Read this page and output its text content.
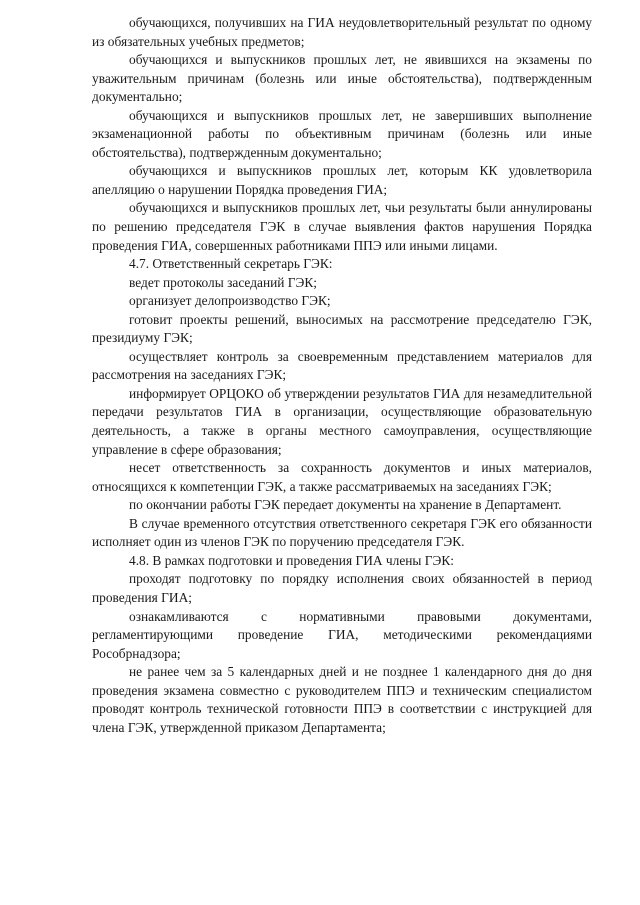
обучающихся, получивших на ГИА неудовлетворительный результат по одному из обязательных учебных предметов;

обучающихся и выпускников прошлых лет, не явившихся на экзамены по уважительным причинам (болезнь или иные обстоятельства), подтвержденным документально;

обучающихся и выпускников прошлых лет, не завершивших выполнение экзаменационной работы по объективным причинам (болезнь или иные обстоятельства), подтвержденным документально;

обучающихся и выпускников прошлых лет, которым КК удовлетворила апелляцию о нарушении Порядка проведения ГИА;

обучающихся и выпускников прошлых лет, чьи результаты были аннулированы по решению председателя ГЭК в случае выявления фактов нарушения Порядка проведения ГИА, совершенных работниками ППЭ или иными лицами.

4.7. Ответственный секретарь ГЭК:

ведет протоколы заседаний ГЭК;

организует делопроизводство ГЭК;

готовит проекты решений, выносимых на рассмотрение председателю ГЭК, президиуму ГЭК;

осуществляет контроль за своевременным представлением материалов для рассмотрения на заседаниях ГЭК;

информирует ОРЦОКО об утверждении результатов ГИА для незамедлительной передачи результатов ГИА в организации, осуществляющие образовательную деятельность, а также в органы местного самоуправления, осуществляющие управление в сфере образования;

несет ответственность за сохранность документов и иных материалов, относящихся к компетенции ГЭК, а также рассматриваемых на заседаниях ГЭК;

по окончании работы ГЭК передает документы на хранение в Департамент.

В случае временного отсутствия ответственного секретаря ГЭК его обязанности исполняет один из членов ГЭК по поручению председателя ГЭК.

4.8. В рамках подготовки и проведения ГИА члены ГЭК:

проходят подготовку по порядку исполнения своих обязанностей в период проведения ГИА;

ознакамливаются с нормативными правовыми документами, регламентирующими проведение ГИА, методическими рекомендациями Рособрнадзора;

не ранее чем за 5 календарных дней и не позднее 1 календарного дня до дня проведения экзамена совместно с руководителем ППЭ и техническим специалистом проводят контроль технической готовности ППЭ в соответствии с инструкцией для члена ГЭК, утвержденной приказом Департамента;
